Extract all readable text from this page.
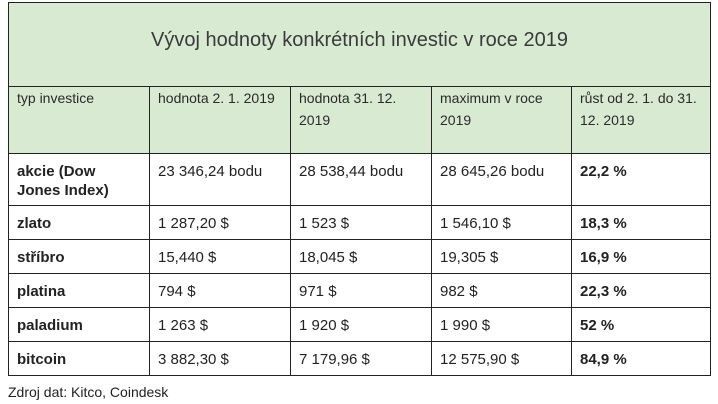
Vývoj hodnoty konkrétních investic v roce 2019				
typ investice	hodnota 2. 1. 2019	hodnota 31. 12. 2019	maximum v roce 2019	růst od 2. 1. do 31. 12. 2019
akcie (Dow Jones Index)	23 346,24 bodu	28 538,44 bodu	28 645,26 bodu	22,2 %
zlato	1 287,20 $	1 523 $	1 546,10 $	18,3 %
stříbro	15,440 $	18,045 $	19,305 $	16,9 %
platina	794 $	971 $	982 $	22,3 %
paladium	1 263 $	1 920 $	1 990 $	52 %
bitcoin	3 882,30 $	7 179,96 $	12 575,90 $	84,9 %
Zdroj dat: Kitco, Coindesk
